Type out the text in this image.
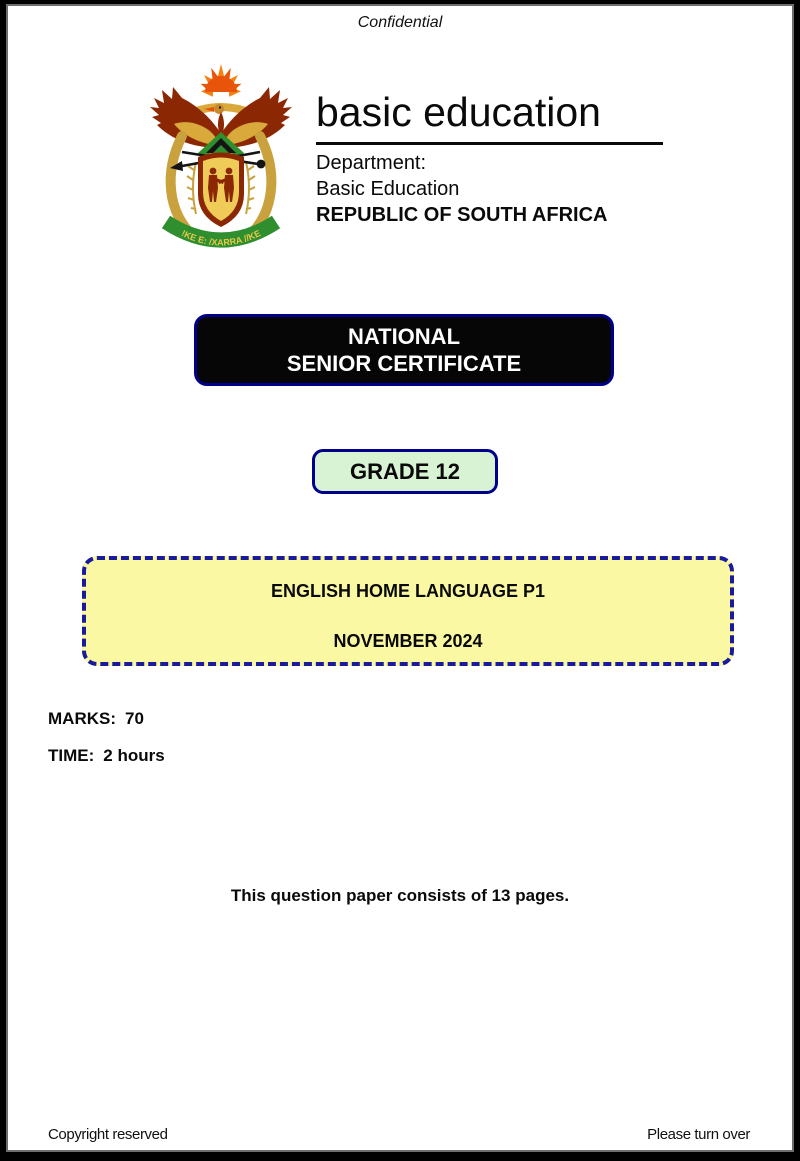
Confidential
!KE E: /XARRA //KE
basic education
Department:
Basic Education
REPUBLIC OF SOUTH AFRICA
NATIONAL
SENIOR CERTIFICATE
GRADE 12
ENGLISH HOME LANGUAGE P1
NOVEMBER 2024
MARKS: 70
TIME: 2 hours
This question paper consists of 13 pages.
Copyright reserved	Please turn over
